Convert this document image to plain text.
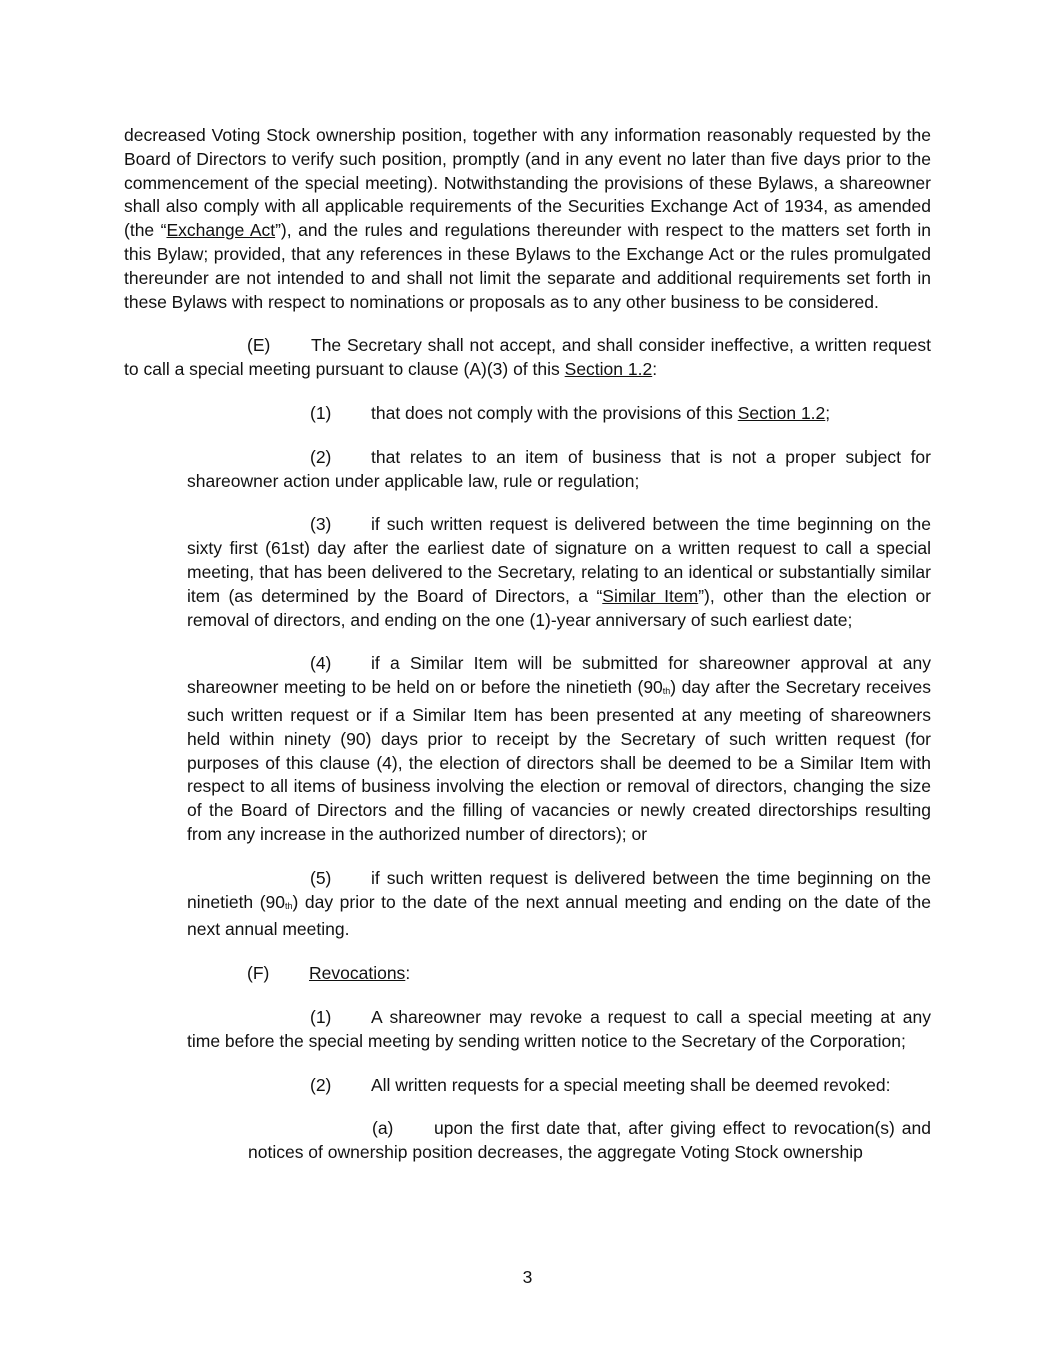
decreased Voting Stock ownership position, together with any information reasonably requested by the Board of Directors to verify such position, promptly (and in any event no later than five days prior to the commencement of the special meeting). Notwithstanding the provisions of these Bylaws, a shareowner shall also comply with all applicable requirements of the Securities Exchange Act of 1934, as amended (the “Exchange Act”), and the rules and regulations thereunder with respect to the matters set forth in this Bylaw; provided, that any references in these Bylaws to the Exchange Act or the rules promulgated thereunder are not intended to and shall not limit the separate and additional requirements set forth in these Bylaws with respect to nominations or proposals as to any other business to be considered.

(E) The Secretary shall not accept, and shall consider ineffective, a written request to call a special meeting pursuant to clause (A)(3) of this Section 1.2:

(1) that does not comply with the provisions of this Section 1.2;

(2) that relates to an item of business that is not a proper subject for shareowner action under applicable law, rule or regulation;

(3) if such written request is delivered between the time beginning on the sixty first (61st) day after the earliest date of signature on a written request to call a special meeting, that has been delivered to the Secretary, relating to an identical or substantially similar item (as determined by the Board of Directors, a “Similar Item”), other than the election or removal of directors, and ending on the one (1)-year anniversary of such earliest date;

(4) if a Similar Item will be submitted for shareowner approval at any shareowner meeting to be held on or before the ninetieth (90th) day after the Secretary receives such written request or if a Similar Item has been presented at any meeting of shareowners held within ninety (90) days prior to receipt by the Secretary of such written request (for purposes of this clause (4), the election of directors shall be deemed to be a Similar Item with respect to all items of business involving the election or removal of directors, changing the size of the Board of Directors and the filling of vacancies or newly created directorships resulting from any increase in the authorized number of directors); or

(5) if such written request is delivered between the time beginning on the ninetieth (90th) day prior to the date of the next annual meeting and ending on the date of the next annual meeting.

(F) Revocations:

(1) A shareowner may revoke a request to call a special meeting at any time before the special meeting by sending written notice to the Secretary of the Corporation;

(2) All written requests for a special meeting shall be deemed revoked:

(a) upon the first date that, after giving effect to revocation(s) and notices of ownership position decreases, the aggregate Voting Stock ownership

3
